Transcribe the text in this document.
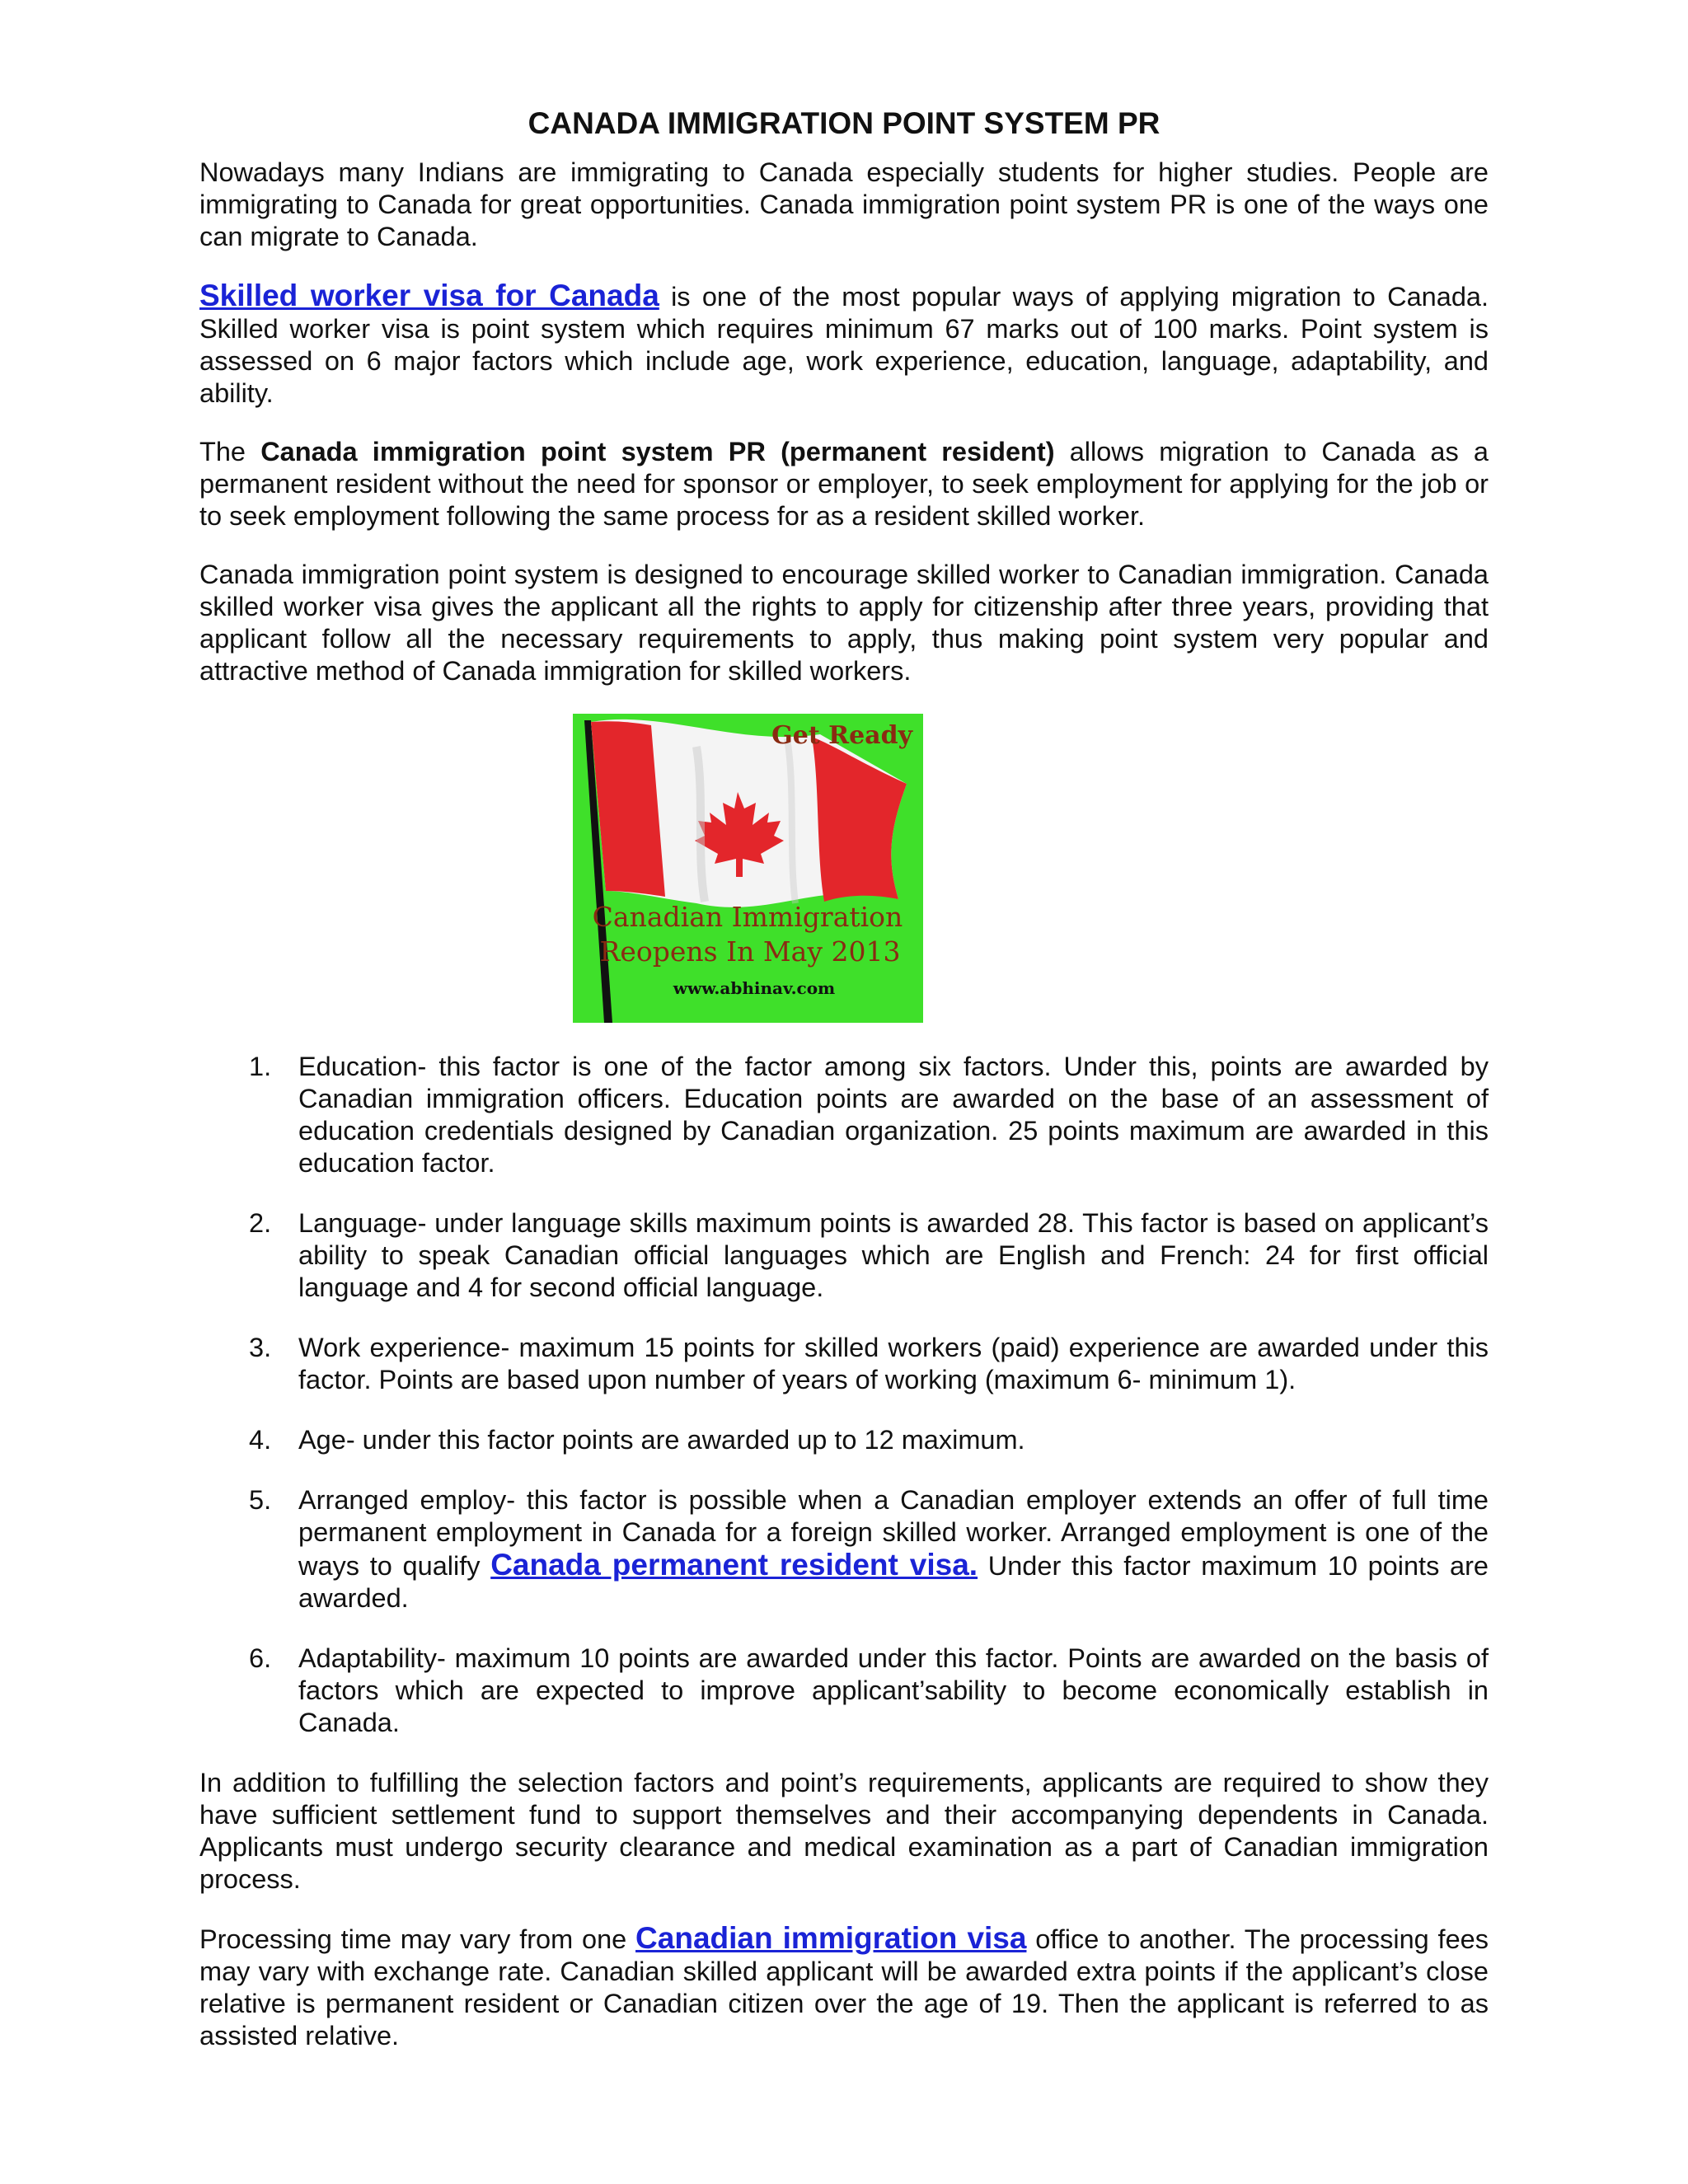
CANADA IMMIGRATION POINT SYSTEM PR

Nowadays many Indians are immigrating to Canada especially students for higher studies. People are immigrating to Canada for great opportunities. Canada immigration point system PR is one of the ways one can migrate to Canada.

Skilled worker visa for Canada is one of the most popular ways of applying migration to Canada. Skilled worker visa is point system which requires minimum 67 marks out of 100 marks. Point system is assessed on 6 major factors which include age, work experience, education, language, adaptability, and ability.

The Canada immigration point system PR (permanent resident) allows migration to Canada as a permanent resident without the need for sponsor or employer, to seek employment for applying for the job or to seek employment following the same process for as a resident skilled worker.

Canada immigration point system is designed to encourage skilled worker to Canadian immigration. Canada skilled worker visa gives the applicant all the rights to apply for citizenship after three years, providing that applicant follow all the necessary requirements to apply, thus making point system very popular and attractive method of Canada immigration for skilled workers.

Get Ready
Canadian Immigration
Reopens In May 2013
www.abhinav.com
1. Education- this factor is one of the factor among six factors. Under this, points are awarded by Canadian immigration officers. Education points are awarded on the base of an assessment of education credentials designed by Canadian organization. 25 points maximum are awarded in this education factor.
2. Language- under language skills maximum points is awarded 28. This factor is based on applicant’s ability to speak Canadian official languages which are English and French: 24 for first official language and 4 for second official language.
3. Work experience- maximum 15 points for skilled workers (paid) experience are awarded under this factor. Points are based upon number of years of working (maximum 6- minimum 1).
4. Age- under this factor points are awarded up to 12 maximum.
5. Arranged employ- this factor is possible when a Canadian employer extends an offer of full time permanent employment in Canada for a foreign skilled worker. Arranged employment is one of the ways to qualify Canada permanent resident visa. Under this factor maximum 10 points are awarded.
6. Adaptability- maximum 10 points are awarded under this factor. Points are awarded on the basis of factors which are expected to improve applicant’sability to become economically establish in Canada.

In addition to fulfilling the selection factors and point’s requirements, applicants are required to show they have sufficient settlement fund to support themselves and their accompanying dependents in Canada. Applicants must undergo security clearance and medical examination as a part of Canadian immigration process.

Processing time may vary from one Canadian immigration visa office to another. The processing fees may vary with exchange rate. Canadian skilled applicant will be awarded extra points if the applicant’s close relative is permanent resident or Canadian citizen over the age of 19. Then the applicant is referred to as assisted relative.
